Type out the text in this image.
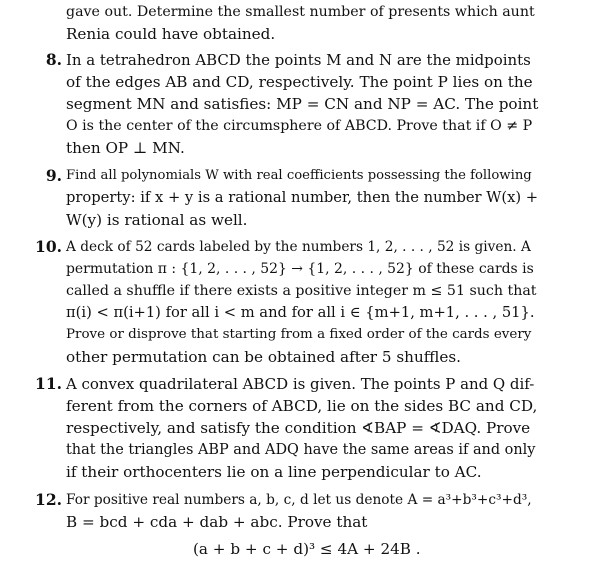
gave out. Determine the smallest number of presents which aunt
Renia could have obtained.

8. In a tetrahedron ABCD the points M and N are the midpoints
of the edges AB and CD, respectively. The point P lies on the
segment MN and satisfies: MP = CN and NP = AC. The point
O is the center of the circumsphere of ABCD. Prove that if O ≠ P
then OP ⊥ MN.
9. Find all polynomials W with real coefficients possessing the following
property: if x + y is a rational number, then the number W(x) +
W(y) is rational as well.
10. A deck of 52 cards labeled by the numbers 1, 2, . . . , 52 is given. A
permutation π : {1, 2, . . . , 52} → {1, 2, . . . , 52} of these cards is
called a shuffle if there exists a positive integer m ≤ 51 such that
π(i) < π(i+1) for all i < m and for all i ∈ {m+1, m+1, . . . , 51}.
Prove or disprove that starting from a fixed order of the cards every
other permutation can be obtained after 5 shuffles.
11. A convex quadrilateral ABCD is given. The points P and Q dif-
ferent from the corners of ABCD, lie on the sides BC and CD,
respectively, and satisfy the condition ∢BAP = ∢DAQ. Prove
that the triangles ABP and ADQ have the same areas if and only
if their orthocenters lie on a line perpendicular to AC.
12. For positive real numbers a, b, c, d let us denote A = a³+b³+c³+d³,
B = bcd + cda + dab + abc. Prove that
(a + b + c + d)³ ≤ 4A + 24B .
